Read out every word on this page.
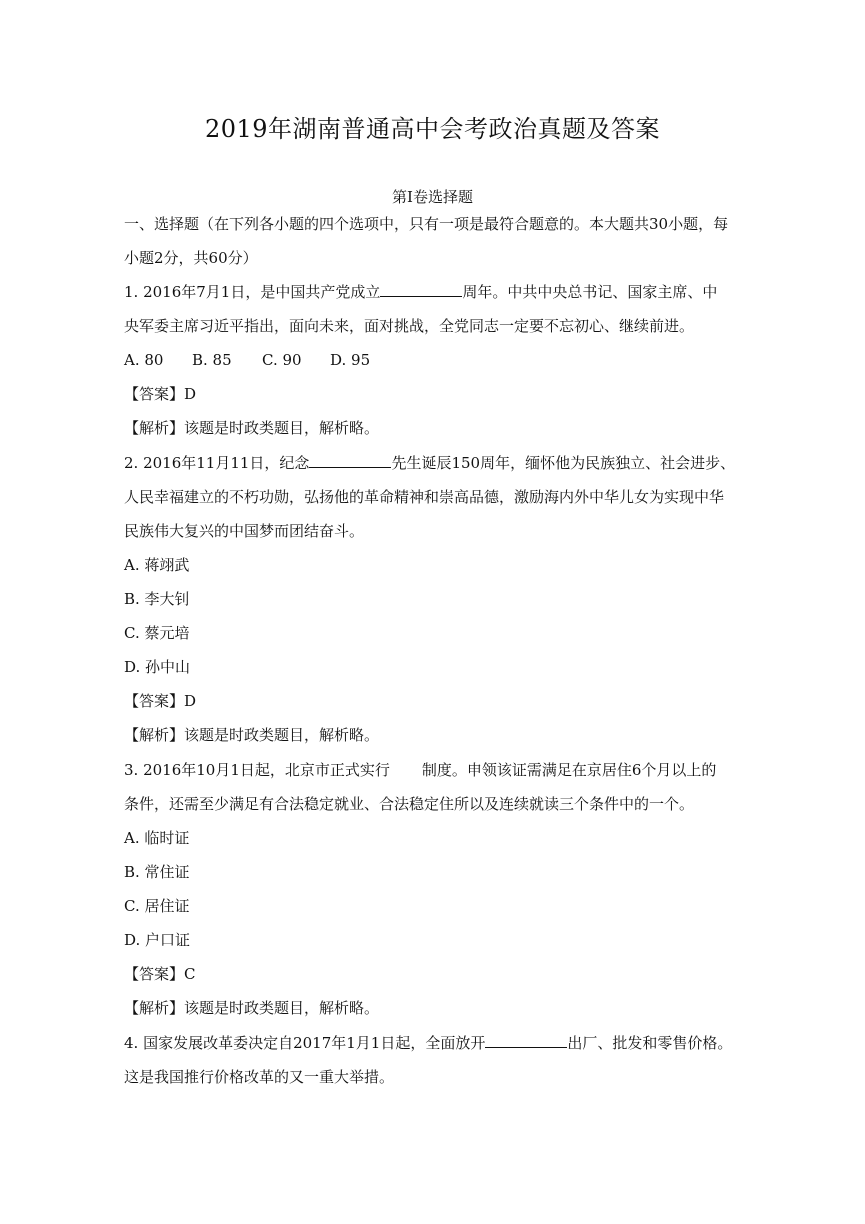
2019年湖南普通高中会考政治真题及答案
第Ⅰ卷选择题
一、选择题（在下列各小题的四个选项中，只有一项是最符合题意的。本大题共30小题，每
小题2分，共60分）
1. 2016年7月1日，是中国共产党成立	周年。中共中央总书记、国家主席、中
央军委主席习近平指出，面向未来，面对挑战，全党同志一定要不忘初心、继续前进。
A. 80 B. 85 C. 90 D. 95
【答案】D
【解析】该题是时政类题目，解析略。
2. 2016年11月11日，纪念	先生诞辰150周年，缅怀他为民族独立、社会进步、
人民幸福建立的不朽功勋，弘扬他的革命精神和崇高品德，激励海内外中华儿女为实现中华
民族伟大复兴的中国梦而团结奋斗。
A. 蒋翊武
B. 李大钊
C. 蔡元培
D. 孙中山
【答案】D
【解析】该题是时政类题目，解析略。
3. 2016年10月1日起，北京市正式实行 制度。申领该证需满足在京居住6个月以上的
条件，还需至少满足有合法稳定就业、合法稳定住所以及连续就读三个条件中的一个。
A. 临时证
B. 常住证
C. 居住证
D. 户口证
【答案】C
【解析】该题是时政类题目，解析略。
4. 国家发展改革委决定自2017年1月1日起，全面放开	出厂、批发和零售价格。
这是我国推行价格改革的又一重大举措。
